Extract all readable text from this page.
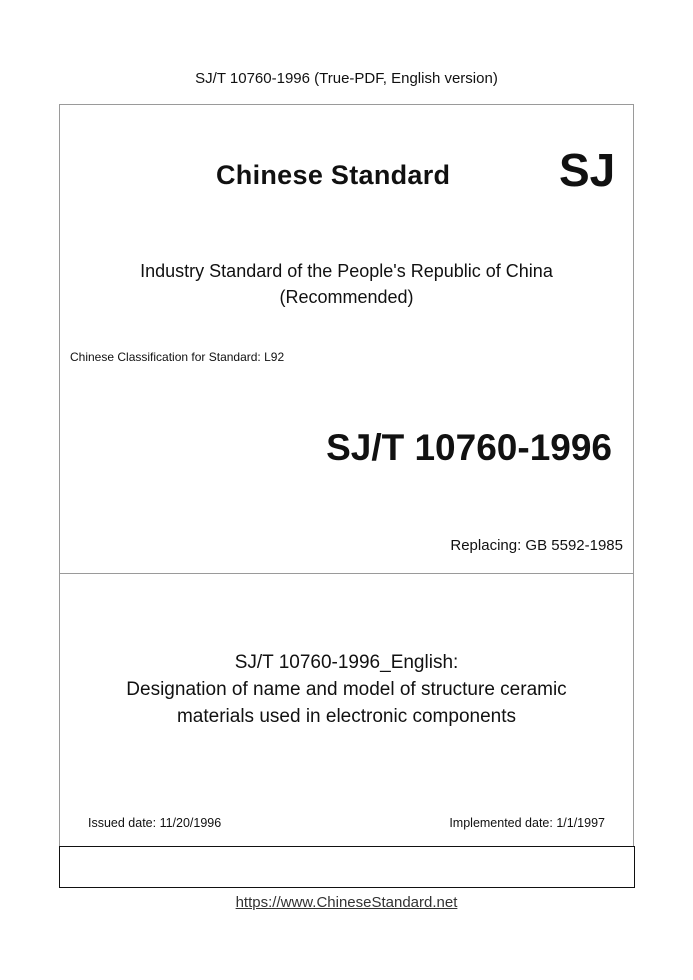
SJ/T 10760-1996 (True-PDF, English version)
Chinese Standard SJ
Industry Standard of the People's Republic of China
(Recommended)
Chinese Classification for Standard: L92
SJ/T 10760-1996
Replacing: GB 5592-1985
SJ/T 10760-1996_English:
Designation of name and model of structure ceramic
materials used in electronic components
Issued date: 11/20/1996	Implemented date: 1/1/1997
https://www.ChineseStandard.net
